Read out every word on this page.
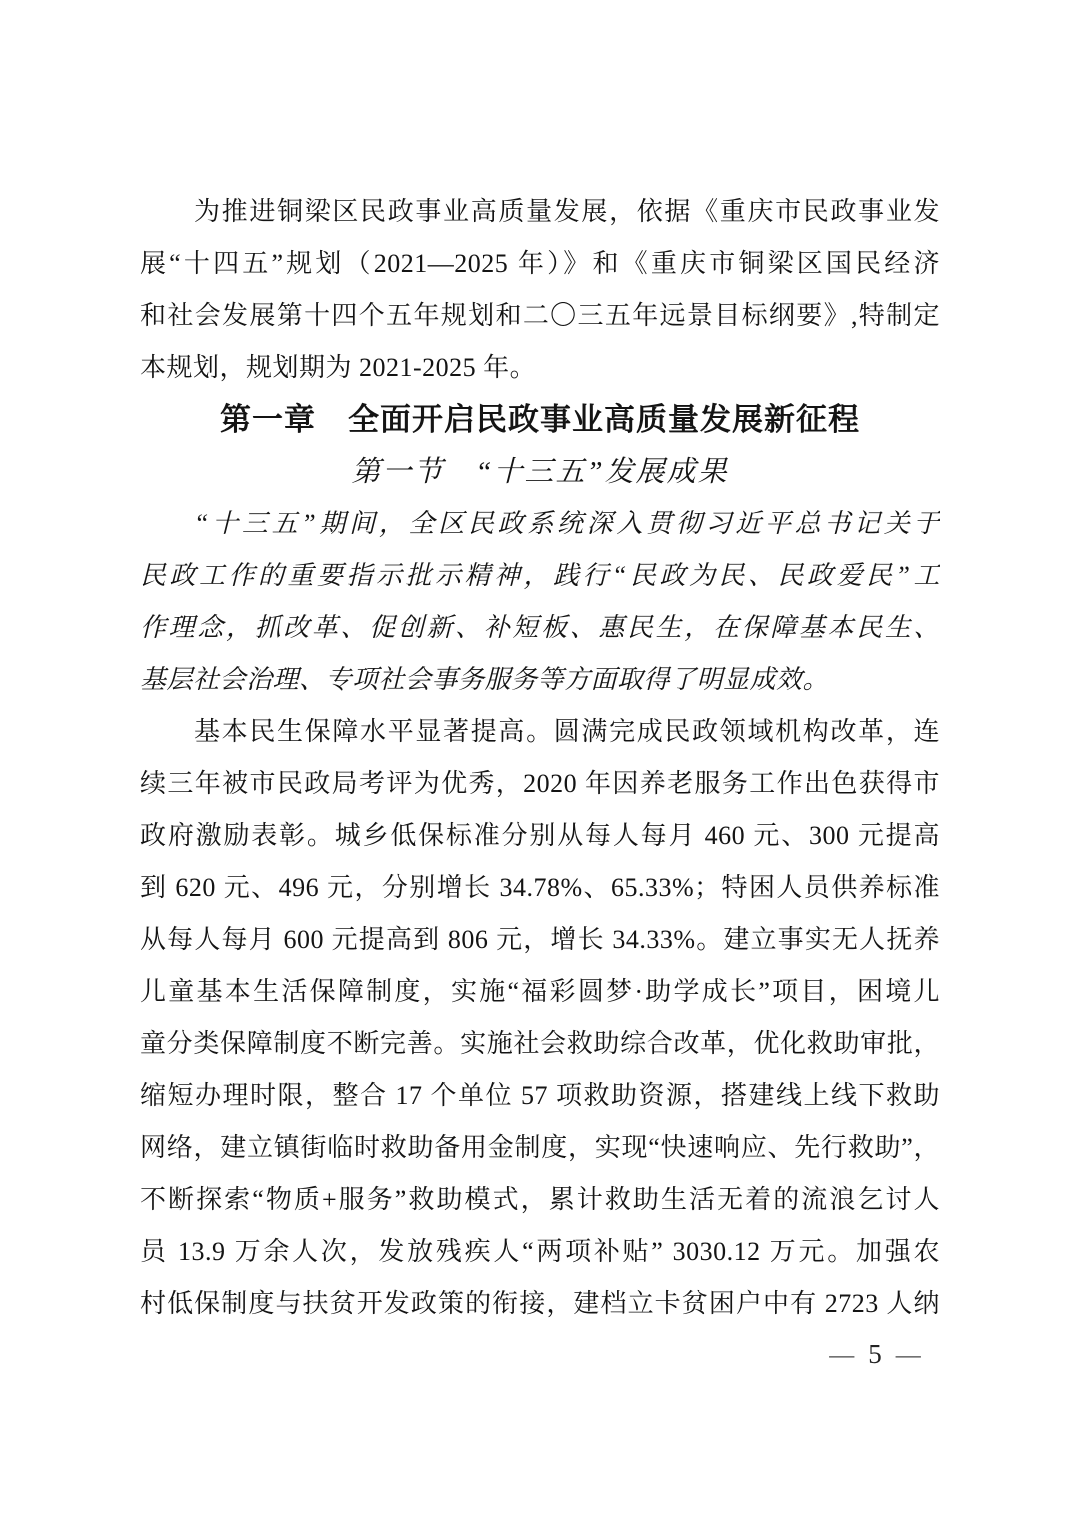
为推进铜梁区民政事业高质量发展，依据《重庆市民政事业发
展“十四五”规划（2021—2025 年）》和《重庆市铜梁区国民经济
和社会发展第十四个五年规划和二〇三五年远景目标纲要》,特制定
本规划，规划期为 2021-2025 年。
第一章　全面开启民政事业高质量发展新征程
第一节　“十三五”发展成果
“十三五”期间，全区民政系统深入贯彻习近平总书记关于
民政工作的重要指示批示精神，践行“民政为民、民政爱民”工
作理念，抓改革、促创新、补短板、惠民生，在保障基本民生、
基层社会治理、专项社会事务服务等方面取得了明显成效。
基本民生保障水平显著提高。圆满完成民政领域机构改革，连
续三年被市民政局考评为优秀，2020 年因养老服务工作出色获得市
政府激励表彰。城乡低保标准分别从每人每月 460 元、300 元提高
到 620 元、496 元，分别增长 34.78%、65.33%；特困人员供养标准
从每人每月 600 元提高到 806 元，增长 34.33%。建立事实无人抚养
儿童基本生活保障制度，实施“福彩圆梦·助学成长”项目，困境儿
童分类保障制度不断完善。实施社会救助综合改革，优化救助审批，
缩短办理时限，整合 17 个单位 57 项救助资源，搭建线上线下救助
网络，建立镇街临时救助备用金制度，实现“快速响应、先行救助”，
不断探索“物质+服务”救助模式，累计救助生活无着的流浪乞讨人
员 13.9 万余人次，发放残疾人“两项补贴” 3030.12 万元。加强农
村低保制度与扶贫开发政策的衔接，建档立卡贫困户中有 2723 人纳
— 5 —
